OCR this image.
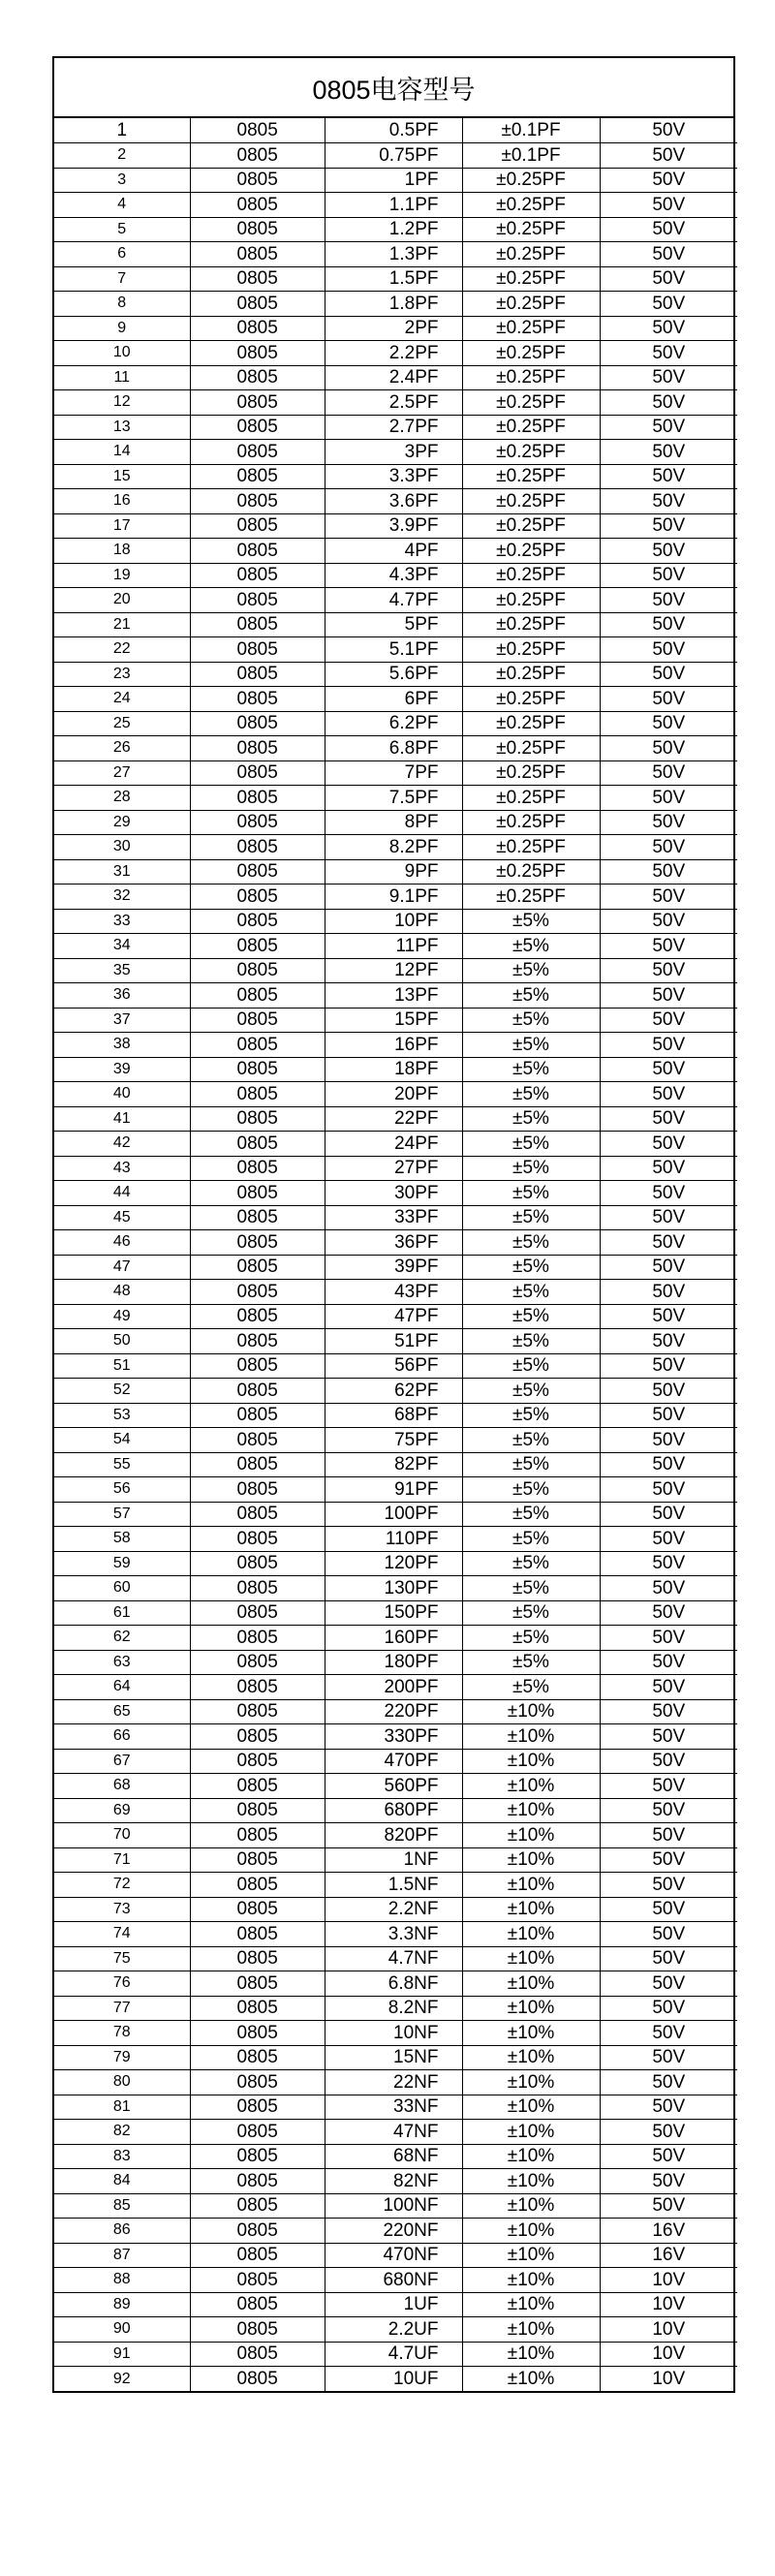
0805电容型号
1	0805	0.5PF	±0.1PF	50V
2	0805	0.75PF	±0.1PF	50V
3	0805	1PF	±0.25PF	50V
4	0805	1.1PF	±0.25PF	50V
5	0805	1.2PF	±0.25PF	50V
6	0805	1.3PF	±0.25PF	50V
7	0805	1.5PF	±0.25PF	50V
8	0805	1.8PF	±0.25PF	50V
9	0805	2PF	±0.25PF	50V
10	0805	2.2PF	±0.25PF	50V
11	0805	2.4PF	±0.25PF	50V
12	0805	2.5PF	±0.25PF	50V
13	0805	2.7PF	±0.25PF	50V
14	0805	3PF	±0.25PF	50V
15	0805	3.3PF	±0.25PF	50V
16	0805	3.6PF	±0.25PF	50V
17	0805	3.9PF	±0.25PF	50V
18	0805	4PF	±0.25PF	50V
19	0805	4.3PF	±0.25PF	50V
20	0805	4.7PF	±0.25PF	50V
21	0805	5PF	±0.25PF	50V
22	0805	5.1PF	±0.25PF	50V
23	0805	5.6PF	±0.25PF	50V
24	0805	6PF	±0.25PF	50V
25	0805	6.2PF	±0.25PF	50V
26	0805	6.8PF	±0.25PF	50V
27	0805	7PF	±0.25PF	50V
28	0805	7.5PF	±0.25PF	50V
29	0805	8PF	±0.25PF	50V
30	0805	8.2PF	±0.25PF	50V
31	0805	9PF	±0.25PF	50V
32	0805	9.1PF	±0.25PF	50V
33	0805	10PF	±5%	50V
34	0805	11PF	±5%	50V
35	0805	12PF	±5%	50V
36	0805	13PF	±5%	50V
37	0805	15PF	±5%	50V
38	0805	16PF	±5%	50V
39	0805	18PF	±5%	50V
40	0805	20PF	±5%	50V
41	0805	22PF	±5%	50V
42	0805	24PF	±5%	50V
43	0805	27PF	±5%	50V
44	0805	30PF	±5%	50V
45	0805	33PF	±5%	50V
46	0805	36PF	±5%	50V
47	0805	39PF	±5%	50V
48	0805	43PF	±5%	50V
49	0805	47PF	±5%	50V
50	0805	51PF	±5%	50V
51	0805	56PF	±5%	50V
52	0805	62PF	±5%	50V
53	0805	68PF	±5%	50V
54	0805	75PF	±5%	50V
55	0805	82PF	±5%	50V
56	0805	91PF	±5%	50V
57	0805	100PF	±5%	50V
58	0805	110PF	±5%	50V
59	0805	120PF	±5%	50V
60	0805	130PF	±5%	50V
61	0805	150PF	±5%	50V
62	0805	160PF	±5%	50V
63	0805	180PF	±5%	50V
64	0805	200PF	±5%	50V
65	0805	220PF	±10%	50V
66	0805	330PF	±10%	50V
67	0805	470PF	±10%	50V
68	0805	560PF	±10%	50V
69	0805	680PF	±10%	50V
70	0805	820PF	±10%	50V
71	0805	1NF	±10%	50V
72	0805	1.5NF	±10%	50V
73	0805	2.2NF	±10%	50V
74	0805	3.3NF	±10%	50V
75	0805	4.7NF	±10%	50V
76	0805	6.8NF	±10%	50V
77	0805	8.2NF	±10%	50V
78	0805	10NF	±10%	50V
79	0805	15NF	±10%	50V
80	0805	22NF	±10%	50V
81	0805	33NF	±10%	50V
82	0805	47NF	±10%	50V
83	0805	68NF	±10%	50V
84	0805	82NF	±10%	50V
85	0805	100NF	±10%	50V
86	0805	220NF	±10%	16V
87	0805	470NF	±10%	16V
88	0805	680NF	±10%	10V
89	0805	1UF	±10%	10V
90	0805	2.2UF	±10%	10V
91	0805	4.7UF	±10%	10V
92	0805	10UF	±10%	10V
